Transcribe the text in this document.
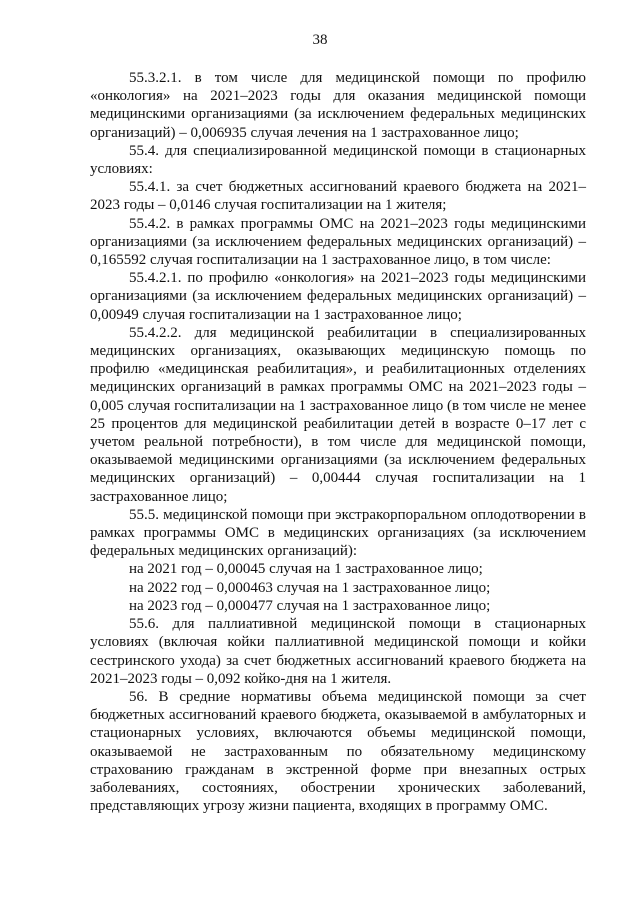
38

55.3.2.1. в том числе для медицинской помощи по профилю «онкология» на 2021–2023 годы для оказания медицинской помощи медицинскими организациями (за исключением федеральных медицинских организаций) – 0,006935 случая лечения на 1 застрахованное лицо;

55.4. для специализированной медицинской помощи в стационарных условиях:

55.4.1. за счет бюджетных ассигнований краевого бюджета на 2021–2023 годы – 0,0146 случая госпитализации на 1 жителя;

55.4.2. в рамках программы ОМС на 2021–2023 годы медицинскими организациями (за исключением федеральных медицинских организаций) – 0,165592 случая госпитализации на 1 застрахованное лицо, в том числе:

55.4.2.1. по профилю «онкология» на 2021–2023 годы медицинскими организациями (за исключением федеральных медицинских организаций) – 0,00949 случая госпитализации на 1 застрахованное лицо;

55.4.2.2. для медицинской реабилитации в специализированных медицинских организациях, оказывающих медицинскую помощь по профилю «медицинская реабилитация», и реабилитационных отделениях медицинских организаций в рамках программы ОМС на 2021–2023 годы – 0,005 случая госпитализации на 1 застрахованное лицо (в том числе не менее 25 процентов для медицинской реабилитации детей в возрасте 0–17 лет с учетом реальной потребности), в том числе для медицинской помощи, оказываемой медицинскими организациями (за исключением федеральных медицинских организаций) – 0,00444 случая госпитализации на 1 застрахованное лицо;

55.5. медицинской помощи при экстракорпоральном оплодотворении в рамках программы ОМС в медицинских организациях (за исключением федеральных медицинских организаций):

на 2021 год – 0,00045 случая на 1 застрахованное лицо;

на 2022 год – 0,000463 случая на 1 застрахованное лицо;

на 2023 год – 0,000477 случая на 1 застрахованное лицо;

55.6. для паллиативной медицинской помощи в стационарных условиях (включая койки паллиативной медицинской помощи и койки сестринского ухода) за счет бюджетных ассигнований краевого бюджета на 2021–2023 годы – 0,092 койко-дня на 1 жителя.

56. В средние нормативы объема медицинской помощи за счет бюджетных ассигнований краевого бюджета, оказываемой в амбулаторных и стационарных условиях, включаются объемы медицинской помощи, оказываемой не застрахованным по обязательному медицинскому страхованию гражданам в экстренной форме при внезапных острых заболеваниях, состояниях, обострении хронических заболеваний, представляющих угрозу жизни пациента, входящих в программу ОМС.
